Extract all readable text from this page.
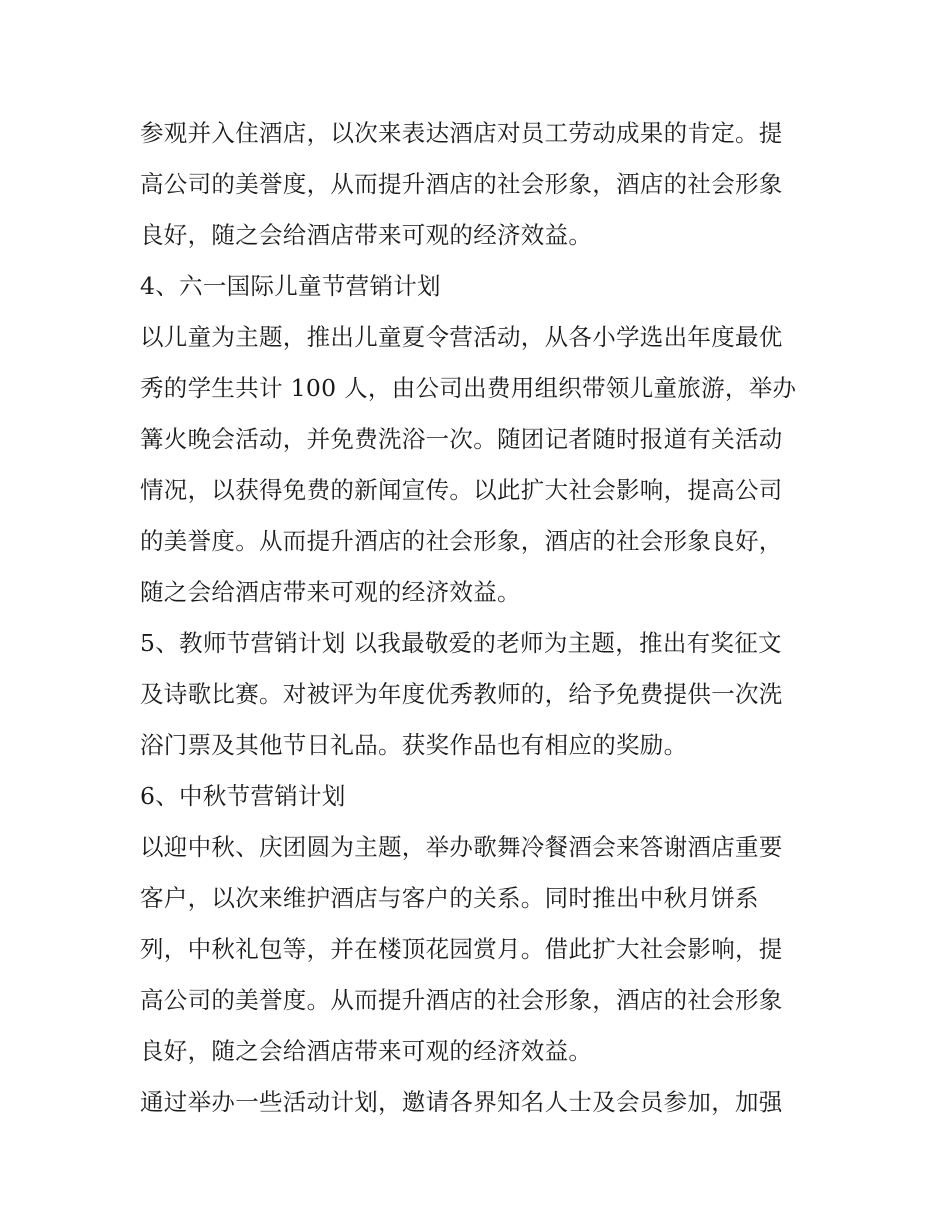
参观并入住酒店，以次来表达酒店对员工劳动成果的肯定。提
高公司的美誉度，从而提升酒店的社会形象，酒店的社会形象
良好，随之会给酒店带来可观的经济效益。
4、六一国际儿童节营销计划
以儿童为主题，推出儿童夏令营活动，从各小学选出年度最优
秀的学生共计 100 人，由公司出费用组织带领儿童旅游，举办
篝火晚会活动，并免费洗浴一次。随团记者随时报道有关活动
情况，以获得免费的新闻宣传。以此扩大社会影响，提高公司
的美誉度。从而提升酒店的社会形象，酒店的社会形象良好，
随之会给酒店带来可观的经济效益。
5、教师节营销计划 以我最敬爱的老师为主题，推出有奖征文
及诗歌比赛。对被评为年度优秀教师的，给予免费提供一次洗
浴门票及其他节日礼品。获奖作品也有相应的奖励。
6、中秋节营销计划
以迎中秋、庆团圆为主题，举办歌舞冷餐酒会来答谢酒店重要
客户，以次来维护酒店与客户的关系。同时推出中秋月饼系
列，中秋礼包等，并在楼顶花园赏月。借此扩大社会影响，提
高公司的美誉度。从而提升酒店的社会形象，酒店的社会形象
良好，随之会给酒店带来可观的经济效益。
通过举办一些活动计划，邀请各界知名人士及会员参加，加强
